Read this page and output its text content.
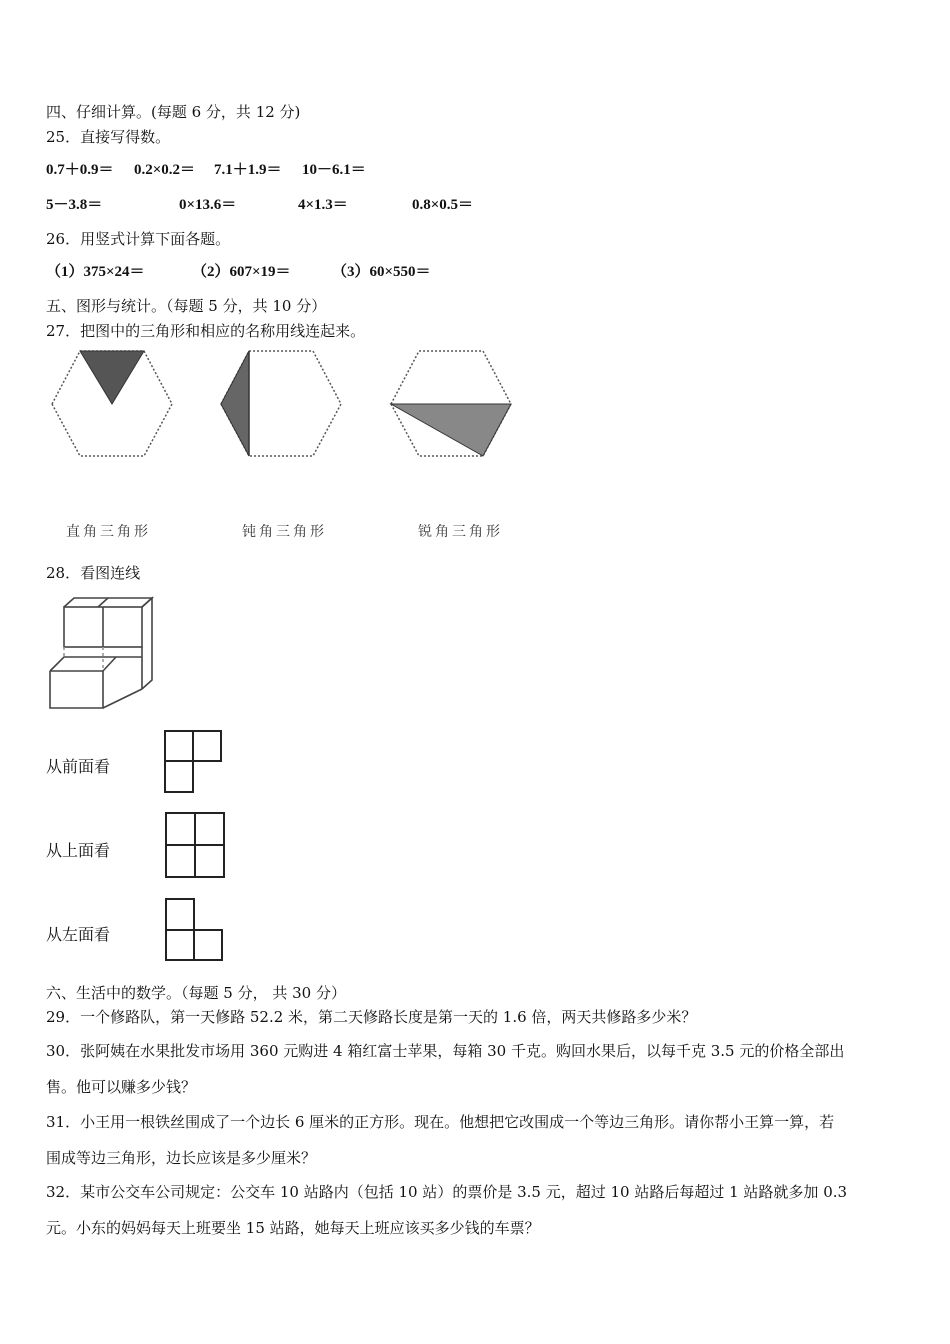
四、仔细计算。(每题 6 分，共 12 分)
25．直接写得数。
0.7＋0.9＝ 0.2×0.2＝ 7.1＋1.9＝ 10－6.1＝
5－3.8＝	0×13.6＝	4×1.3＝	0.8×0.5＝
26．用竖式计算下面各题。
（1）375×24＝	（2）607×19＝	（3）60×550＝
五、图形与统计。（每题 5 分，共 10 分）
27．把图中的三角形和相应的名称用线连起来。
直角三角形	钝角三角形	锐角三角形
28．看图连线
从前面看
从上面看
从左面看
六、生活中的数学。（每题 5 分， 共 30 分）
29．一个修路队，第一天修路 52.2 米，第二天修路长度是第一天的 1.6 倍，两天共修路多少米？
30．张阿姨在水果批发市场用 360 元购进 4 箱红富士苹果，每箱 30 千克。购回水果后，以每千克 3.5 元的价格全部出
售。他可以赚多少钱？
31．小王用一根铁丝围成了一个边长 6 厘米的正方形。现在。他想把它改围成一个等边三角形。请你帮小王算一算，若
围成等边三角形，边长应该是多少厘米？
32．某市公交车公司规定：公交车 10 站路内（包括 10 站）的票价是 3.5 元，超过 10 站路后每超过 1 站路就多加 0.3
元。小东的妈妈每天上班要坐 15 站路，她每天上班应该买多少钱的车票？
